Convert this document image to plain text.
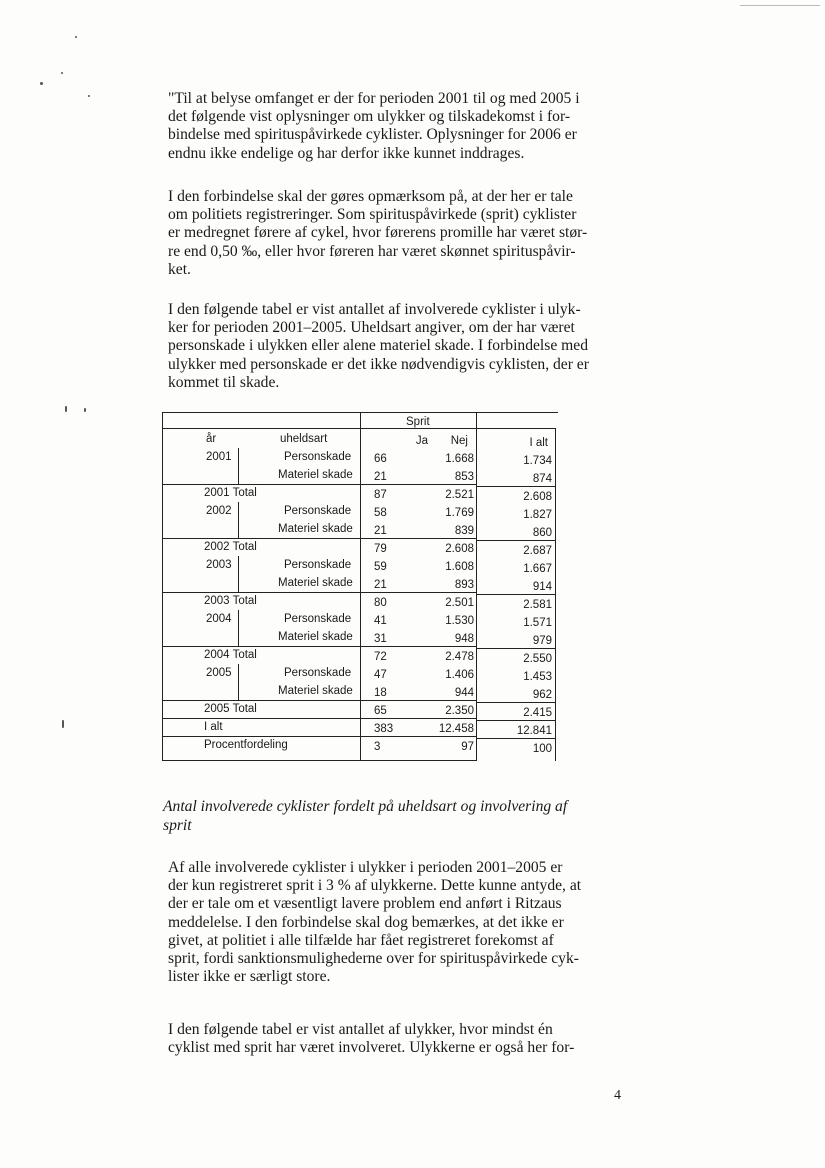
"Til at belyse omfanget er der for perioden 2001 til og med 2005 i
det følgende vist oplysninger om ulykker og tilskadekomst i for-
bindelse med spirituspåvirkede cyklister. Oplysninger for 2006 er
endnu ikke endelige og har derfor ikke kunnet inddrages.

I den forbindelse skal der gøres opmærksom på, at der her er tale
om politiets registreringer. Som spirituspåvirkede (sprit) cyklister
er medregnet førere af cykel, hvor førerens promille har været stør-
re end 0,50 ‰, eller hvor føreren har været skønnet spirituspåvir-
ket.

I den følgende tabel er vist antallet af involverede cyklister i ulyk-
ker for perioden 2001–2005. Uheldsart angiver, om der har været
personskade i ulykken eller alene materiel skade. I forbindelse med
ulykker med personskade er det ikke nødvendigvis cyklisten, der er
kommet til skade.

Sprit
år	uheldsart	Ja	Nej	I alt
2001	Personskade	66	1.668	1.734
Materiel skade	21	853	874
2001 Total	87	2.521	2.608
2002	Personskade	58	1.769	1.827
Materiel skade	21	839	860
2002 Total	79	2.608	2.687
2003	Personskade	59	1.608	1.667
Materiel skade	21	893	914
2003 Total	80	2.501	2.581
2004	Personskade	41	1.530	1.571
Materiel skade	31	948	979
2004 Total	72	2.478	2.550
2005	Personskade	47	1.406	1.453
Materiel skade	18	944	962
2005 Total	65	2.350	2.415
I alt	383	12.458	12.841
Procentfordeling	3	97	100

Antal involverede cyklister fordelt på uheldsart og involvering af
sprit

Af alle involverede cyklister i ulykker i perioden 2001–2005 er
der kun registreret sprit i 3 % af ulykkerne. Dette kunne antyde, at
der er tale om et væsentligt lavere problem end anført i Ritzaus
meddelelse. I den forbindelse skal dog bemærkes, at det ikke er
givet, at politiet i alle tilfælde har fået registreret forekomst af
sprit, fordi sanktionsmulighederne over for spirituspåvirkede cyk-
lister ikke er særligt store.

I den følgende tabel er vist antallet af ulykker, hvor mindst én
cyklist med sprit har været involveret. Ulykkerne er også her for-

4
